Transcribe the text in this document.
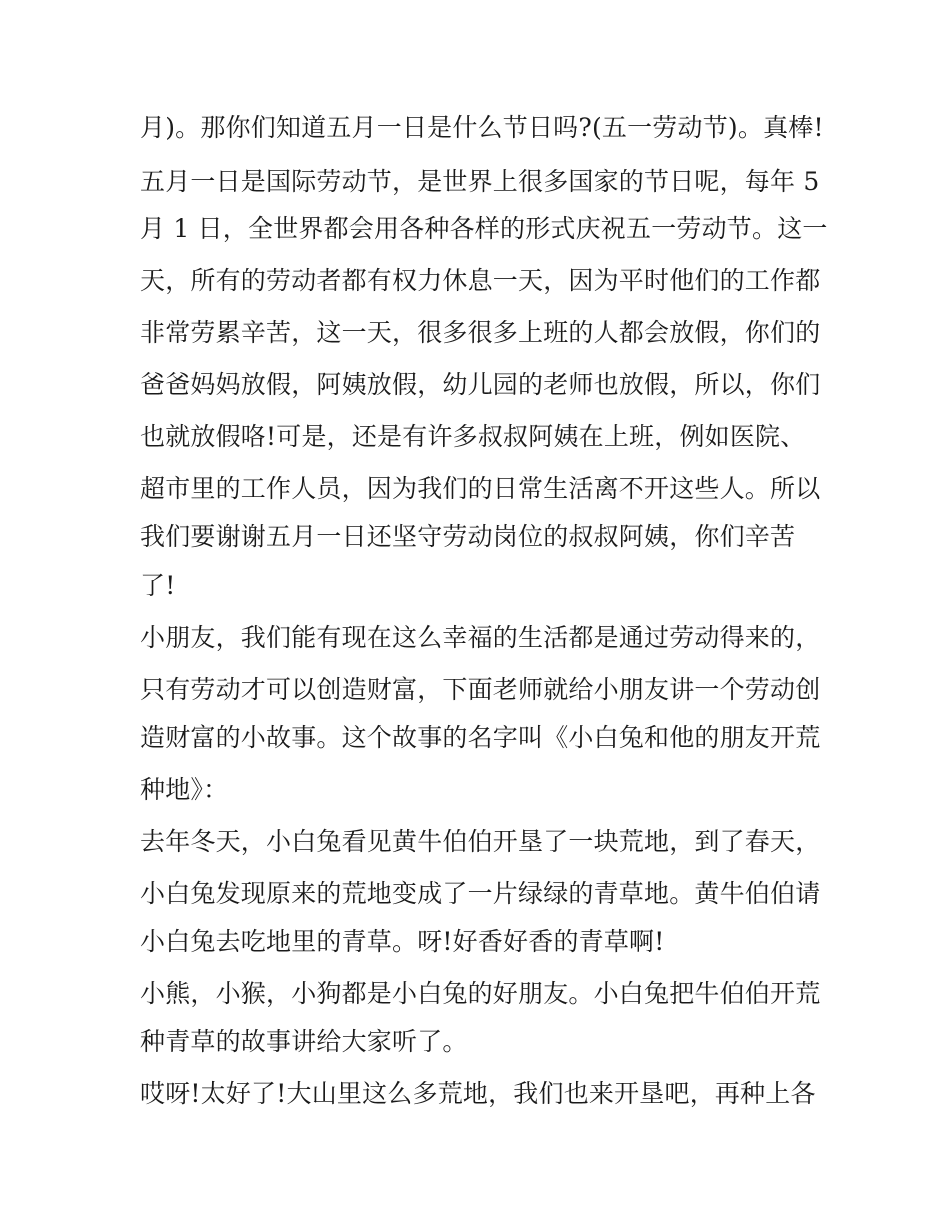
月)。那你们知道五月一日是什么节日吗?(五一劳动节)。真棒!
五月一日是国际劳动节，是世界上很多国家的节日呢，每年 5
月 1 日，全世界都会用各种各样的形式庆祝五一劳动节。这一
天，所有的劳动者都有权力休息一天，因为平时他们的工作都
非常劳累辛苦，这一天，很多很多上班的人都会放假，你们的
爸爸妈妈放假，阿姨放假，幼儿园的老师也放假，所以，你们
也就放假咯!可是，还是有许多叔叔阿姨在上班，例如医院、
超市里的工作人员，因为我们的日常生活离不开这些人。所以
我们要谢谢五月一日还坚守劳动岗位的叔叔阿姨，你们辛苦
了!
小朋友，我们能有现在这么幸福的生活都是通过劳动得来的，
只有劳动才可以创造财富，下面老师就给小朋友讲一个劳动创
造财富的小故事。这个故事的名字叫《小白兔和他的朋友开荒
种地》：
去年冬天，小白兔看见黄牛伯伯开垦了一块荒地，到了春天，
小白兔发现原来的荒地变成了一片绿绿的青草地。黄牛伯伯请
小白兔去吃地里的青草。呀!好香好香的青草啊!
小熊，小猴，小狗都是小白兔的好朋友。小白兔把牛伯伯开荒
种青草的故事讲给大家听了。
哎呀!太好了!大山里这么多荒地，我们也来开垦吧，再种上各
